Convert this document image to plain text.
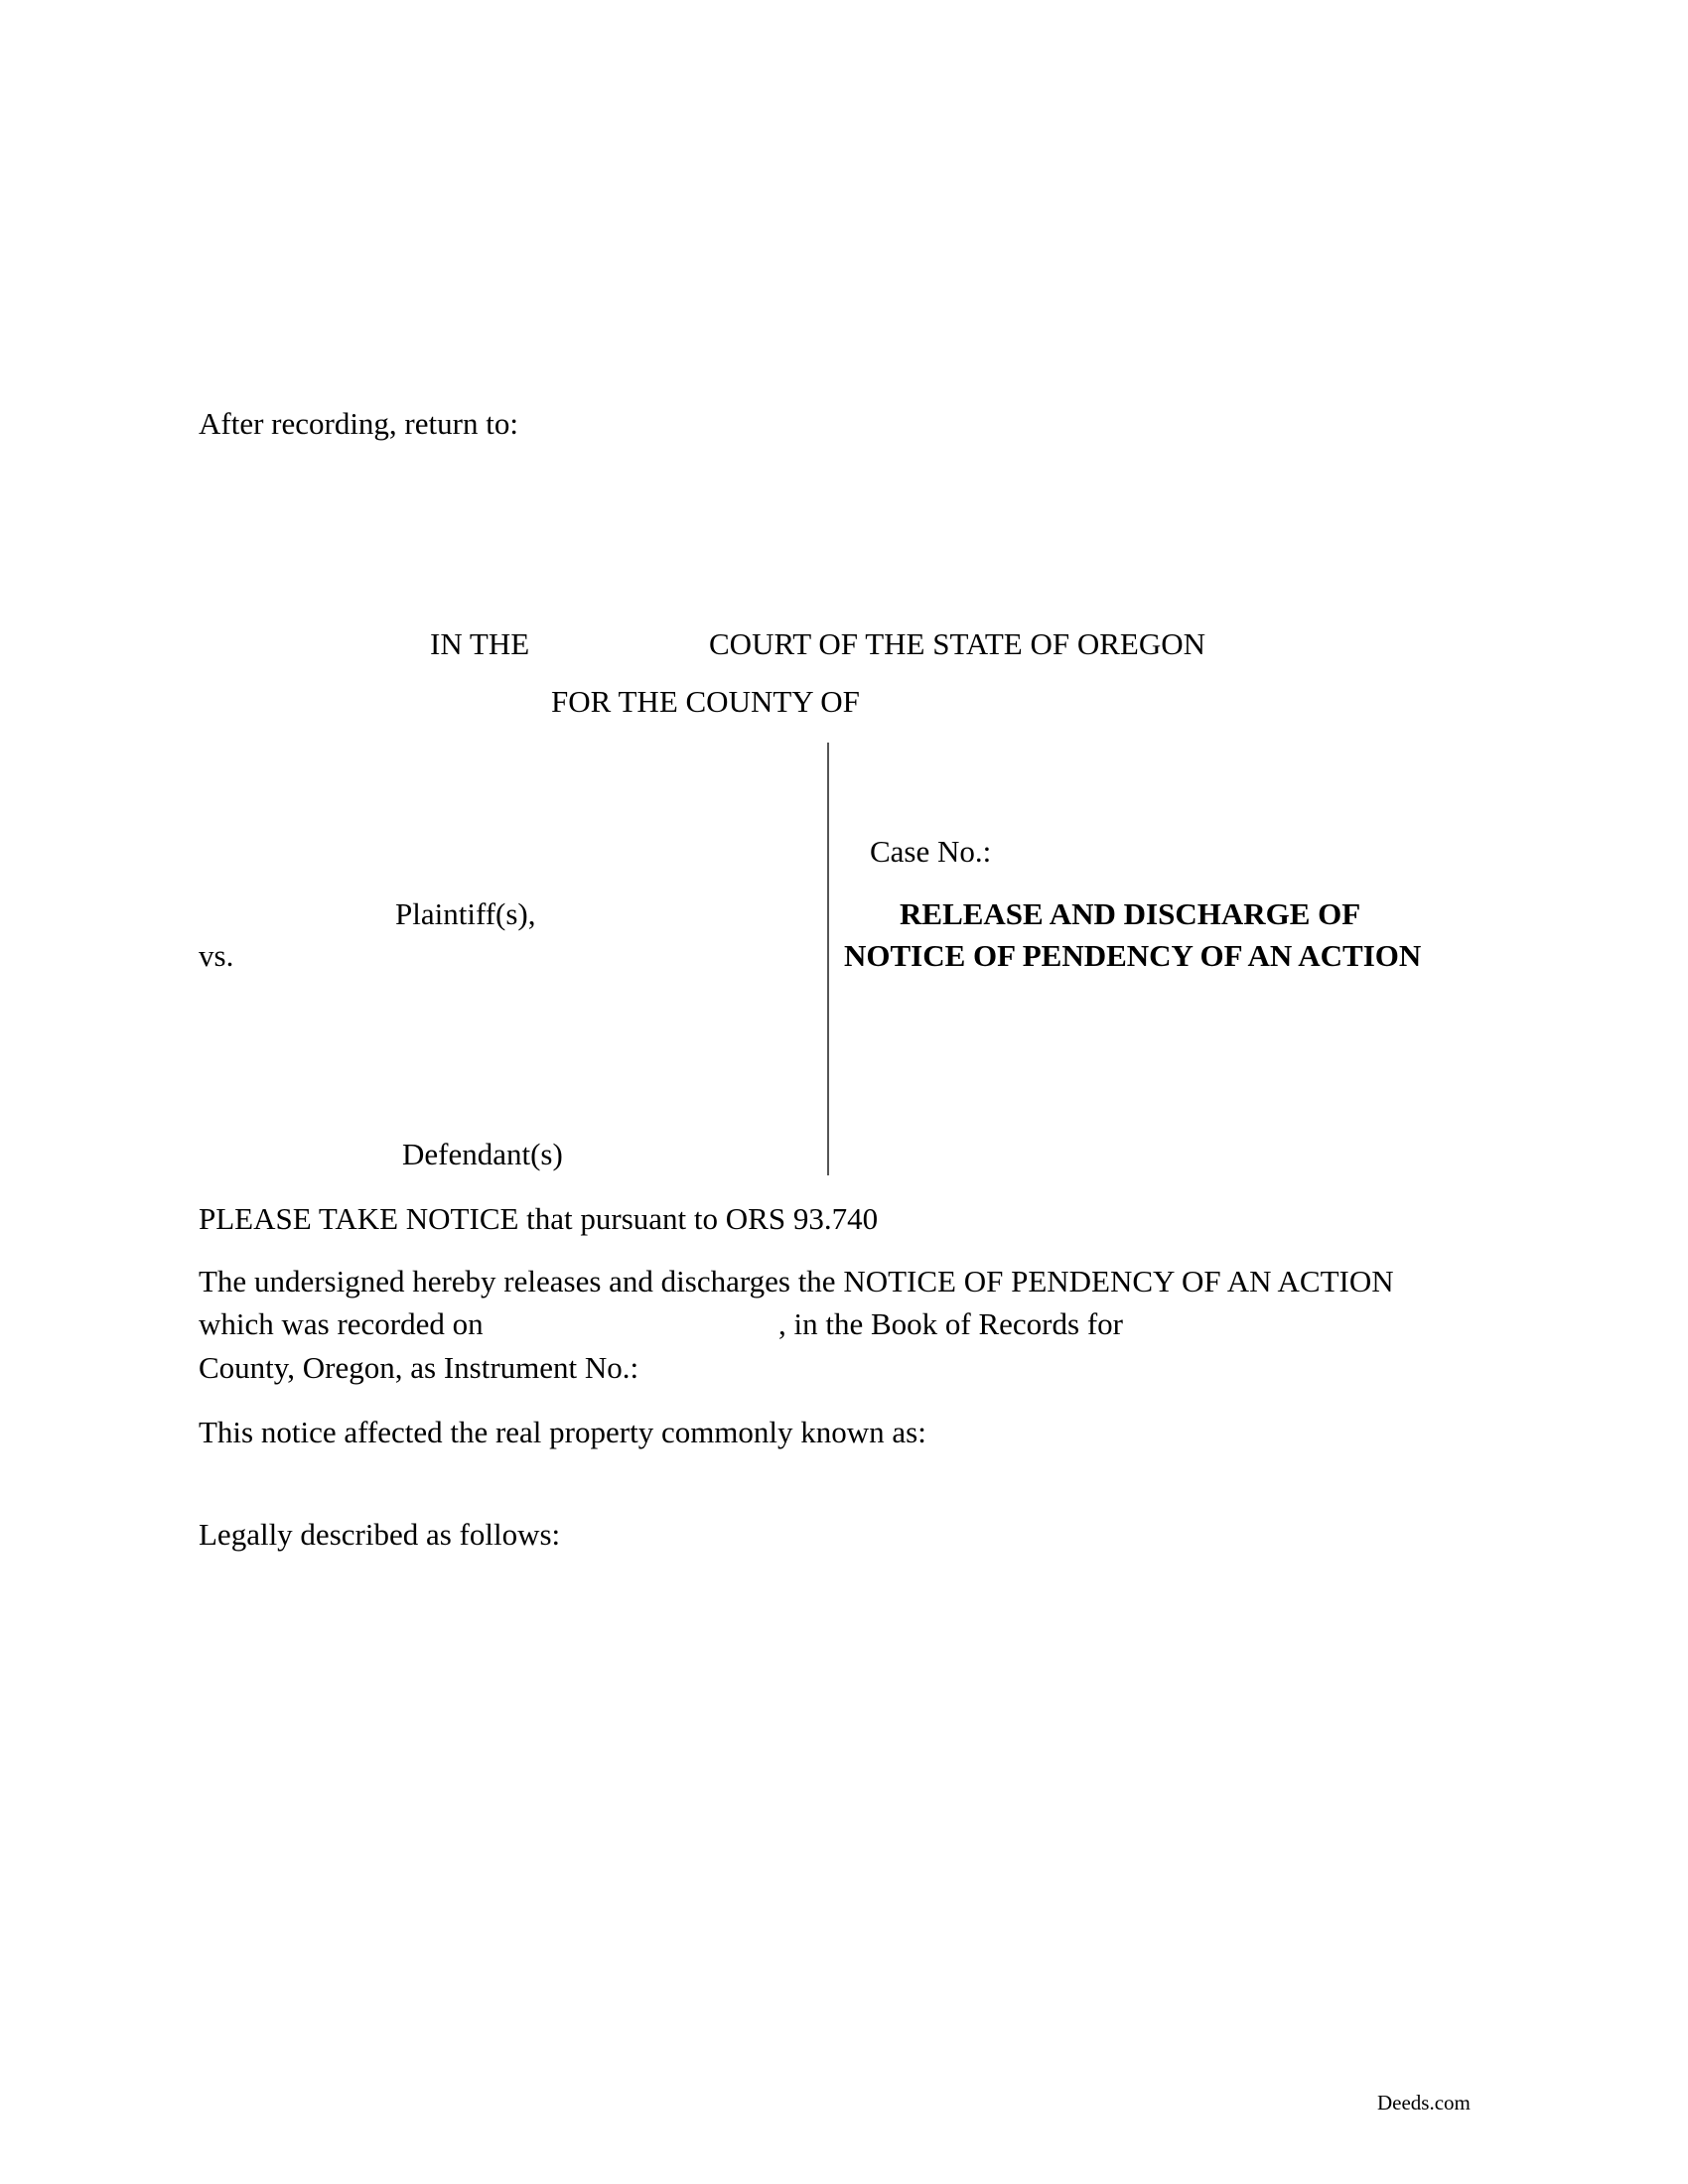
After recording, return to:
IN THE	COURT OF THE STATE OF OREGON
FOR THE COUNTY OF
Case No.:
Plaintiff(s),	RELEASE AND DISCHARGE OF
vs.	NOTICE OF PENDENCY OF AN ACTION
Defendant(s)
PLEASE TAKE NOTICE that pursuant to ORS 93.740
The undersigned hereby releases and discharges the NOTICE OF PENDENCY OF AN ACTION
which was recorded on	, in the Book of Records for
County, Oregon, as Instrument No.:
This notice affected the real property commonly known as:
Legally described as follows:
Deeds.com
